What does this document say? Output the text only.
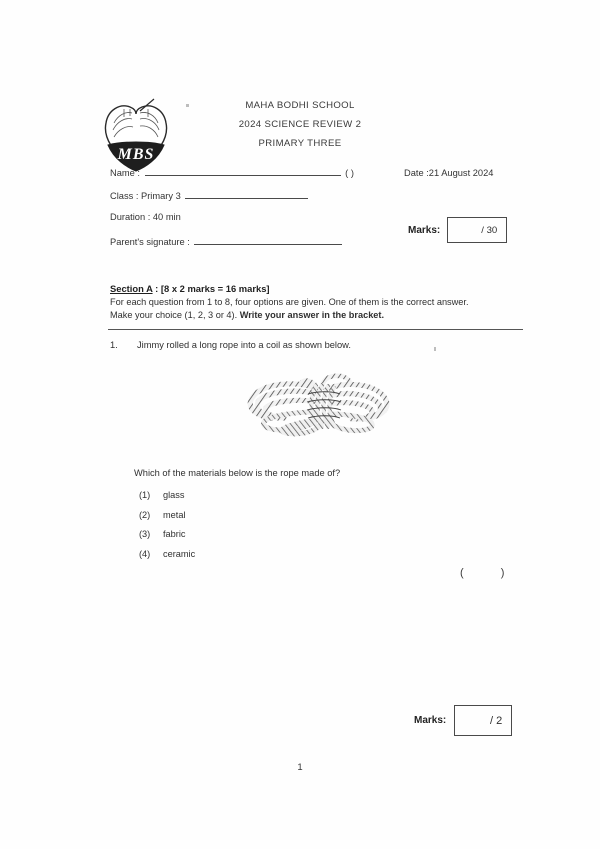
MBS
MAHA BODHI SCHOOL
2024 SCIENCE REVIEW 2
PRIMARY THREE
Name :	( )
Class : Primary 3
Duration : 40 min
Parent's signature :
Date :21 August 2024
Marks:	/ 30
Section A : [8 x 2 marks = 16 marks]
For each question from 1 to 8, four options are given. One of them is the correct answer.
Make your choice (1, 2, 3 or 4). Write your answer in the bracket.
1. Jimmy rolled a long rope into a coil as shown below.
Which of the materials below is the rope made of?
(1) glass
(2) metal
(3) fabric
(4) ceramic
( )
Marks:	/ 2
1
